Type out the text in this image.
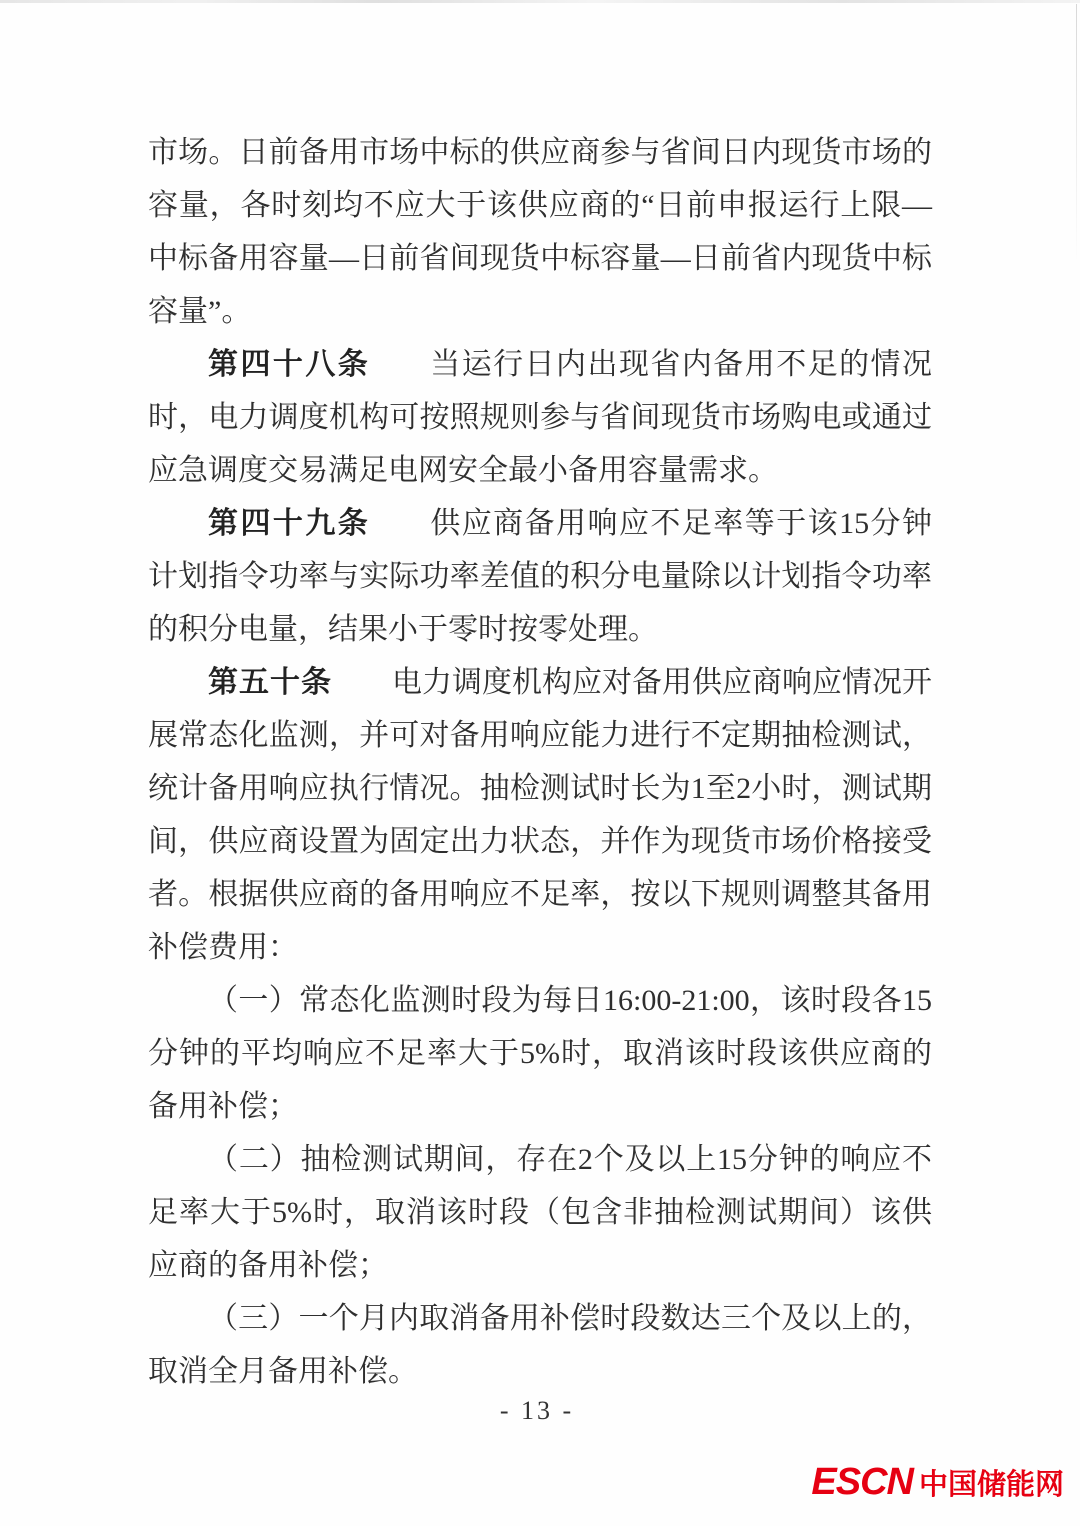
市场。日前备用市场中标的供应商参与省间日内现货市场的容量，各时刻均不应大于该供应商的“日前申报运行上限—中标备用容量—日前省间现货中标容量—日前省内现货中标容量”。

第四十八条 当运行日内出现省内备用不足的情况时，电力调度机构可按照规则参与省间现货市场购电或通过应急调度交易满足电网安全最小备用容量需求。

第四十九条 供应商备用响应不足率等于该15分钟计划指令功率与实际功率差值的积分电量除以计划指令功率的积分电量，结果小于零时按零处理。

第五十条 电力调度机构应对备用供应商响应情况开展常态化监测，并可对备用响应能力进行不定期抽检测试，统计备用响应执行情况。抽检测试时长为1至2小时，测试期间，供应商设置为固定出力状态，并作为现货市场价格接受者。根据供应商的备用响应不足率，按以下规则调整其备用补偿费用：

（一）常态化监测时段为每日16:00-21:00，该时段各15分钟的平均响应不足率大于5%时，取消该时段该供应商的备用补偿；

（二）抽检测试期间，存在2个及以上15分钟的响应不足率大于5%时，取消该时段（包含非抽检测试期间）该供应商的备用补偿；

（三）一个月内取消备用补偿时段数达三个及以上的，取消全月备用补偿。

- 13 -
ESCN 中国储能网
